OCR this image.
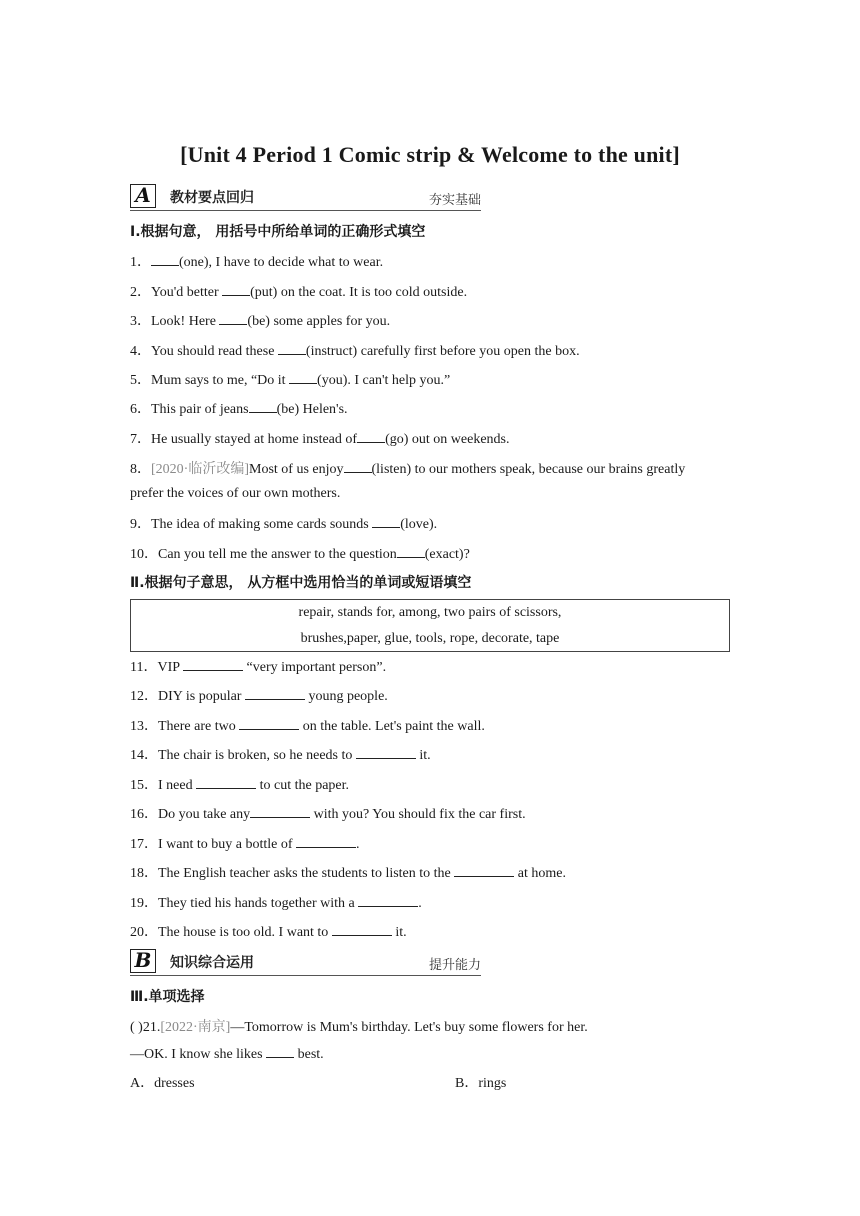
[Unit 4 Period 1 Comic strip & Welcome to the unit]
A	教材要点回归	夯实基础
Ⅰ.根据句意， 用括号中所给单词的正确形式填空
1． (one), I have to decide what to wear.
2．You'd better (put) on the coat. It is too cold outside.
3．Look! Here (be) some apples for you.
4．You should read these (instruct) carefully first before you open the box.
5．Mum says to me, “Do it (you). I can't help you.”
6．This pair of jeans (be) Helen's.
7．He usually stayed at home instead of (go) out on weekends.
8．[2020·临沂改编]Most of us enjoy (listen) to our mothers speak, because our brains greatly
prefer the voices of our own mothers.
9．The idea of making some cards sounds (love).
10．Can you tell me the answer to the question (exact)?
Ⅱ.根据句子意思， 从方框中选用恰当的单词或短语填空
repair, stands for, among, two pairs of scissors,
brushes,paper, glue, tools, rope, decorate, tape
11．VIP	“very important person”.
12．DIY is popular	young people.
13．There are two	on the table. Let's paint the wall.
14．The chair is broken, so he needs to	it.
15．I need	to cut the paper.
16．Do you take any	with you? You should fix the car first.
17．I want to buy a bottle of	.
18．The English teacher asks the students to listen to the	at home.
19．They tied his hands together with a	.
20．The house is too old. I want to	it.
B	知识综合运用	提升能力
Ⅲ.单项选择
( )21.[2022·南京]—Tomorrow is Mum's birthday. Let's buy some flowers for her.
—OK. I know she likes  best.
A．dresses	B．rings
